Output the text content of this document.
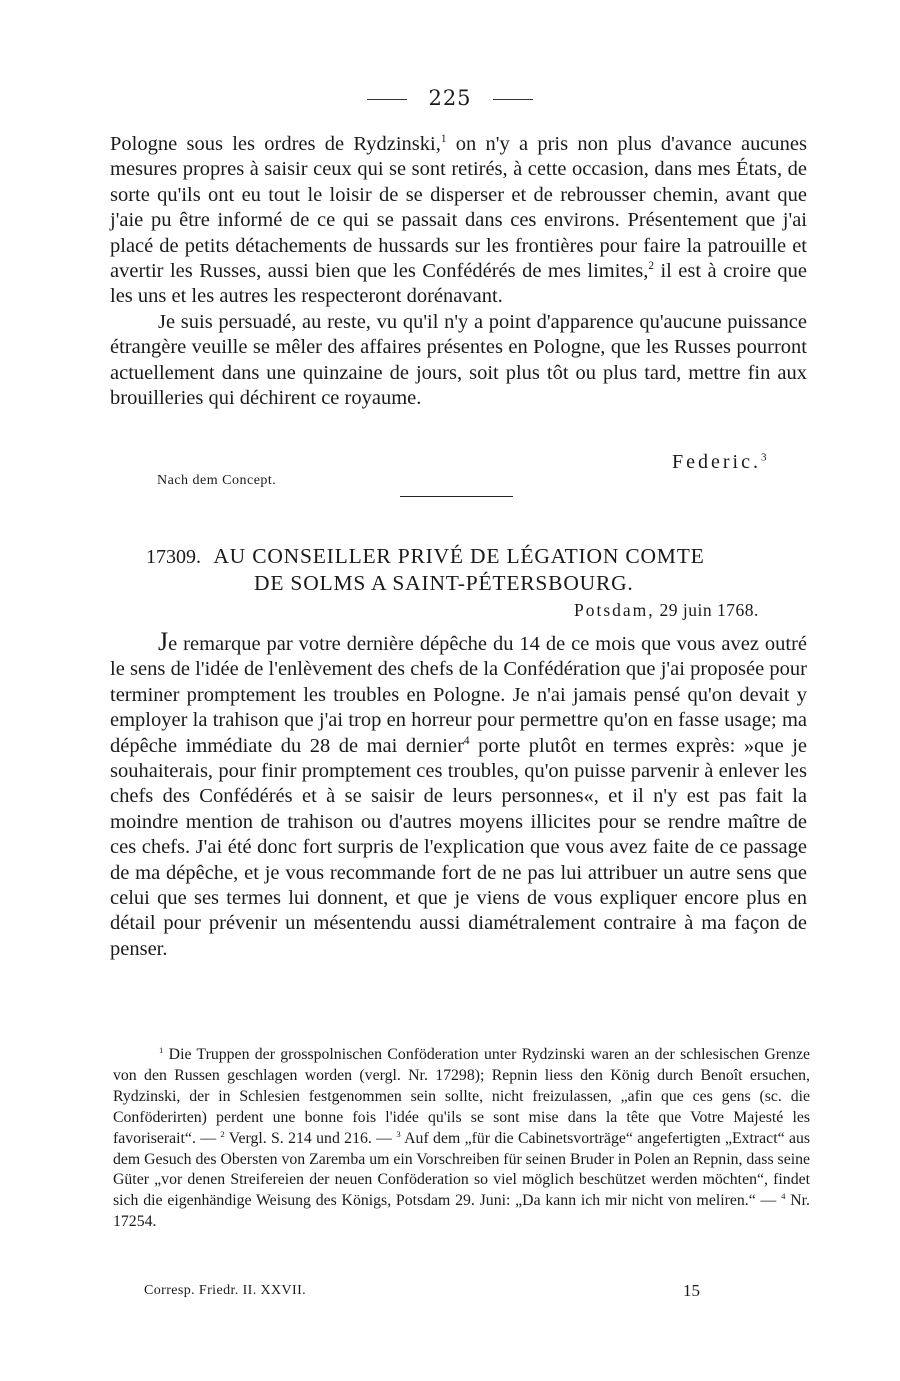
225

Pologne sous les ordres de Rydzinski,$^1$ on n'y a pris non plus d'avance aucunes mesures propres à saisir ceux qui se sont retirés, à cette occasion, dans mes États, de sorte qu'ils ont eu tout le loisir de se disperser et de rebrousser chemin, avant que j'aie pu être informé de ce qui se passait dans ces environs. Présentement que j'ai placé de petits détachements de hussards sur les frontières pour faire la patrouille et avertir les Russes, aussi bien que les Confédérés de mes limites,$^2$ il est à croire que les uns et les autres les respecteront dorénavant.

Je suis persuadé, au reste, vu qu'il n'y a point d'apparence qu'aucune puissance étrangère veuille se mêler des affaires présentes en Pologne, que les Russes pourront actuellement dans une quinzaine de jours, soit plus tôt ou plus tard, mettre fin aux brouilleries qui déchirent ce royaume.

Federic.$^3$
Nach dem Concept.
17309. AU CONSEILLER PRIVÉ DE LÉGATION COMTE
DE SOLMS A SAINT-PÉTERSBOURG.
Potsdam, 29 juin 1768.

Je remarque par votre dernière dépêche du 14 de ce mois que vous avez outré le sens de l'idée de l'enlèvement des chefs de la Confédération que j'ai proposée pour terminer promptement les troubles en Pologne. Je n'ai jamais pensé qu'on devait y employer la trahison que j'ai trop en horreur pour permettre qu'on en fasse usage; ma dépêche immédiate du 28 de mai dernier$^4$ porte plutôt en termes exprès: »que je souhaiterais, pour finir promptement ces troubles, qu'on puisse parvenir à enlever les chefs des Confédérés et à se saisir de leurs personnes«, et il n'y est pas fait la moindre mention de trahison ou d'autres moyens illicites pour se rendre maître de ces chefs. J'ai été donc fort surpris de l'explication que vous avez faite de ce passage de ma dépêche, et je vous recommande fort de ne pas lui attribuer un autre sens que celui que ses termes lui donnent, et que je viens de vous expliquer encore plus en détail pour prévenir un mésentendu aussi diamétralement contraire à ma façon de penser.

$^1$ Die Truppen der grosspolnischen Conföderation unter Rydzinski waren an der schlesischen Grenze von den Russen geschlagen worden (vergl. Nr. 17298); Repnin liess den König durch Benoît ersuchen, Rydzinski, der in Schlesien festgenommen sein sollte, nicht freizulassen, „afin que ces gens (sc. die Conföderirten) perdent une bonne fois l'idée qu'ils se sont mise dans la tête que Votre Majesté les favoriserait“. — $^2$ Vergl. S. 214 und 216. — $^3$ Auf dem „für die Cabinetsvorträge“ angefertigten „Extract“ aus dem Gesuch des Obersten von Zaremba um ein Vorschreiben für seinen Bruder in Polen an Repnin, dass seine Güter „vor denen Streifereien der neuen Conföderation so viel möglich beschützet werden möchten“, findet sich die eigenhändige Weisung des Königs, Potsdam 29. Juni: „Da kann ich mir nicht von meliren.“ — $^4$ Nr. 17254.

Corresp. Friedr. II. XXVII.	15
